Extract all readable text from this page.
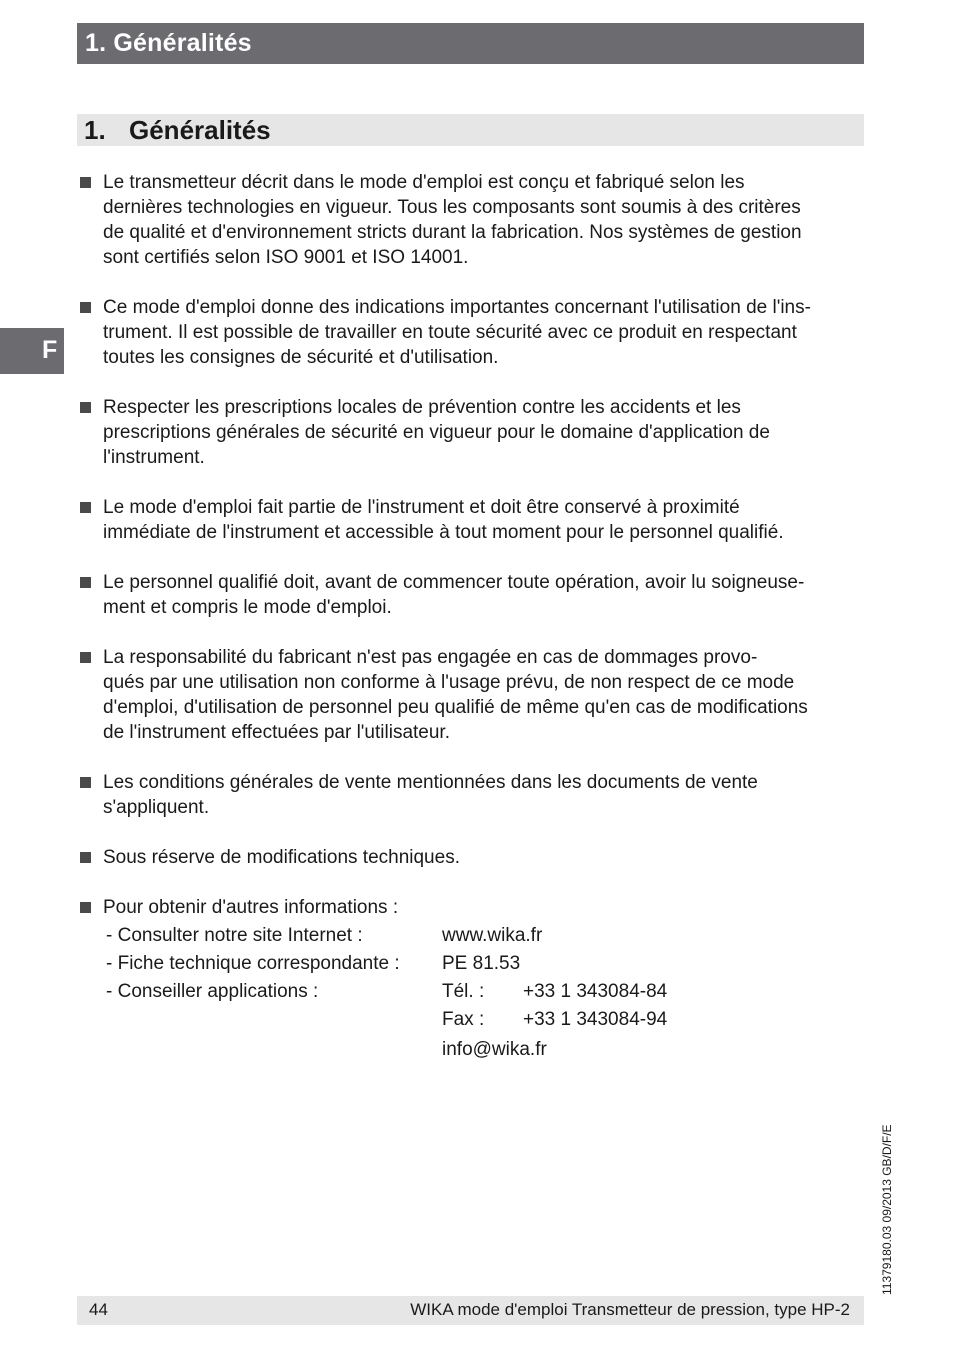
1. Généralités
1. Généralités
F
Le transmetteur décrit dans le mode d'emploi est conçu et fabriqué selon les
dernières technologies en vigueur. Tous les composants sont soumis à des critères
de qualité et d'environnement stricts durant la fabrication. Nos systèmes de gestion
sont certifiés selon ISO 9001 et ISO 14001.
Ce mode d'emploi donne des indications importantes concernant l'utilisation de l'ins-
trument. Il est possible de travailler en toute sécurité avec ce produit en respectant
toutes les consignes de sécurité et d'utilisation.
Respecter les prescriptions locales de prévention contre les accidents et les
prescriptions générales de sécurité en vigueur pour le domaine d'application de
l'instrument.
Le mode d'emploi fait partie de l'instrument et doit être conservé à proximité
immédiate de l'instrument et accessible à tout moment pour le personnel qualifié.
Le personnel qualifié doit, avant de commencer toute opération, avoir lu soigneuse-
ment et compris le mode d'emploi.
La responsabilité du fabricant n'est pas engagée en cas de dommages provo-
qués par une utilisation non conforme à l'usage prévu, de non respect de ce mode
d'emploi, d'utilisation de personnel peu qualifié de même qu'en cas de modifications
de l'instrument effectuées par l'utilisateur.
Les conditions générales de vente mentionnées dans les documents de vente
s'appliquent.
Sous réserve de modifications techniques.
Pour obtenir d'autres informations :
- Consulter notre site Internet :	www.wika.fr
- Fiche technique correspondante : PE 81.53
- Conseiller applications :	Tél. : +33 1 343084-84
Fax : +33 1 343084-94
info@wika.fr
11379180.03 09/2013 GB/D/F/E
44	WIKA mode d'emploi Transmetteur de pression, type HP-2
